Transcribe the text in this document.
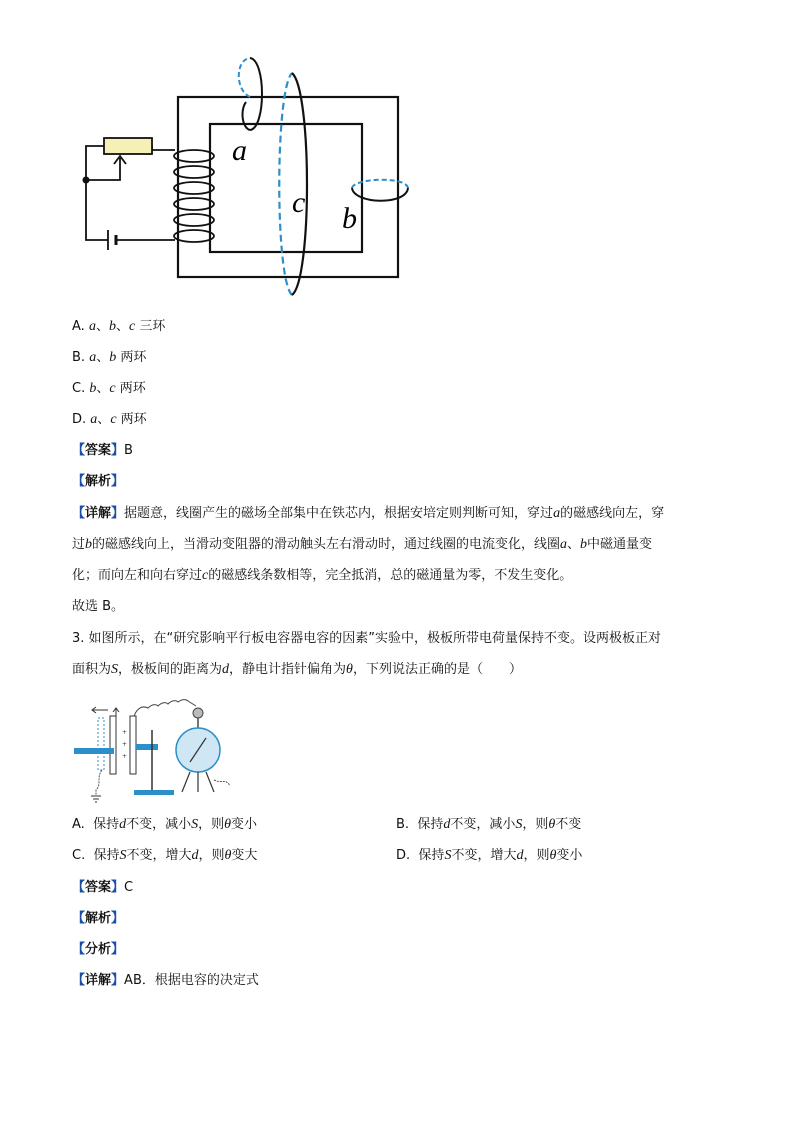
a
c b
A. a、b、c 三环
B. a、b 两环
C. b、c 两环
D. a、c 两环
【答案】B
【解析】
【详解】据题意，线圈产生的磁场全部集中在铁芯内，根据安培定则判断可知，穿过a的磁感线向左，穿
过b的磁感线向上，当滑动变阻器的滑动触头左右滑动时，通过线圈的电流变化，线圈a、b中磁通量变
化；而向左和向右穿过c的磁感线条数相等，完全抵消，总的磁通量为零，不发生变化。
故选 B。
3. 如图所示，在“研究影响平行板电容器电容的因素”实验中，极板所带电荷量保持不变。设两极板正对
面积为S，极板间的距离为d，静电计指针偏角为θ，下列说法正确的是（　　）
+
+
+
A. 保持d不变，减小S，则θ变小	B. 保持d不变，减小S，则θ不变
C. 保持S不变，增大d，则θ变大	D. 保持S不变，增大d，则θ变小
【答案】C
【解析】
【分析】
【详解】AB．根据电容的决定式
